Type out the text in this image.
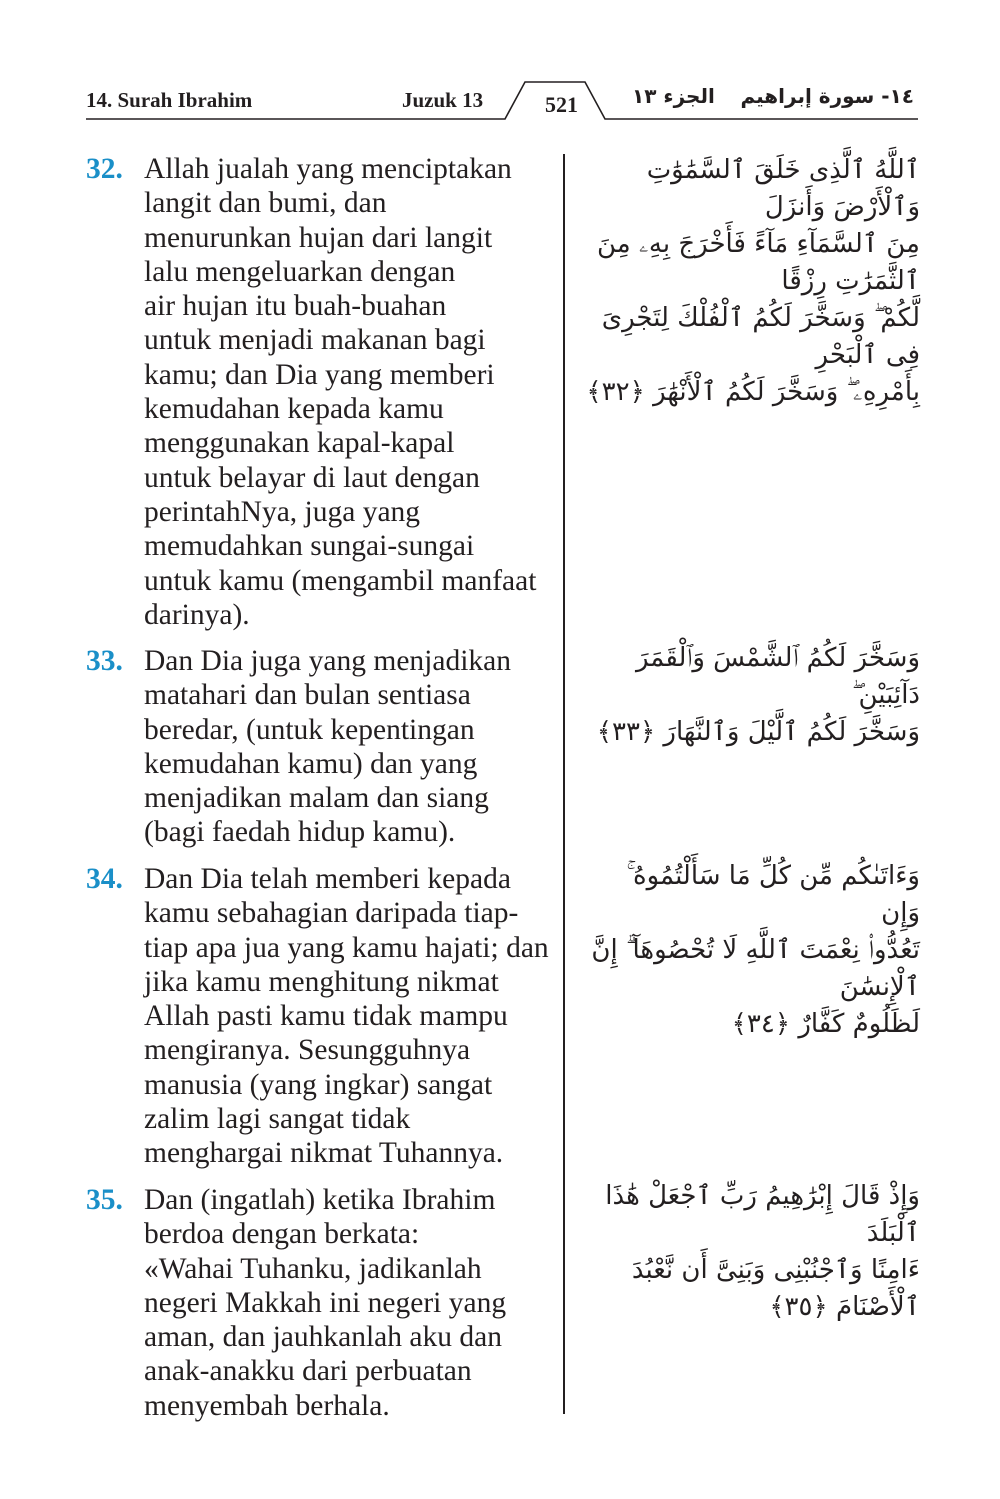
14. Surah Ibrahim	Juzuk 13	521	الجزء ١٣ ١٤- سورة إبراهيم
32. Allah jualah yang menciptakan
langit dan bumi, dan
menurunkan hujan dari langit
lalu mengeluarkan dengan
air hujan itu buah-buahan
untuk menjadi makanan bagi
kamu; dan Dia yang memberi
kemudahan kepada kamu
menggunakan kapal-kapal
untuk belayar di laut dengan
perintahNya, juga yang
memudahkan sungai-sungai
untuk kamu (mengambil manfaat
darinya).
ٱللَّهُ ٱلَّذِى خَلَقَ ٱلسَّمَٰوَٰتِ وَٱلْأَرْضَ وَأَنزَلَ
مِنَ ٱلسَّمَآءِ مَآءً فَأَخْرَجَ بِهِۦ مِنَ ٱلثَّمَرَٰتِ رِزْقًا
لَّكُمْ ۖ وَسَخَّرَ لَكُمُ ٱلْفُلْكَ لِتَجْرِىَ فِى ٱلْبَحْرِ
بِأَمْرِهِۦ ۖ وَسَخَّرَ لَكُمُ ٱلْأَنْهَٰرَ ﴿٣٢﴾
33. Dan Dia juga yang menjadikan
matahari dan bulan sentiasa
beredar, (untuk kepentingan
kemudahan kamu) dan yang
menjadikan malam dan siang
(bagi faedah hidup kamu).
وَسَخَّرَ لَكُمُ ٱلشَّمْسَ وَٱلْقَمَرَ دَآئِبَيْنِ ۖ
وَسَخَّرَ لَكُمُ ٱلَّيْلَ وَٱلنَّهَارَ ﴿٣٣﴾
34. Dan Dia telah memberi kepada
kamu sebahagian daripada tiap-
tiap apa jua yang kamu hajati; dan
jika kamu menghitung nikmat
Allah pasti kamu tidak mampu
mengiranya. Sesungguhnya
manusia (yang ingkar) sangat
zalim lagi sangat tidak
menghargai nikmat Tuhannya.
وَءَاتَىٰكُم مِّن كُلِّ مَا سَأَلْتُمُوهُ ۚ وَإِن
تَعُدُّوا۟ نِعْمَتَ ٱللَّهِ لَا تُحْصُوهَآ ۗ إِنَّ ٱلْإِنسَٰنَ
لَظَلُومٌ كَفَّارٌ ﴿٣٤﴾
35. Dan (ingatlah) ketika Ibrahim
berdoa dengan berkata:
«Wahai Tuhanku, jadikanlah
negeri Makkah ini negeri yang
aman, dan jauhkanlah aku dan
anak-anakku dari perbuatan
menyembah berhala.
وَإِذْ قَالَ إِبْرَٰهِيمُ رَبِّ ٱجْعَلْ هَٰذَا ٱلْبَلَدَ
ءَامِنًا وَٱجْنُبْنِى وَبَنِىَّ أَن نَّعْبُدَ ٱلْأَصْنَامَ ﴿٣٥﴾
